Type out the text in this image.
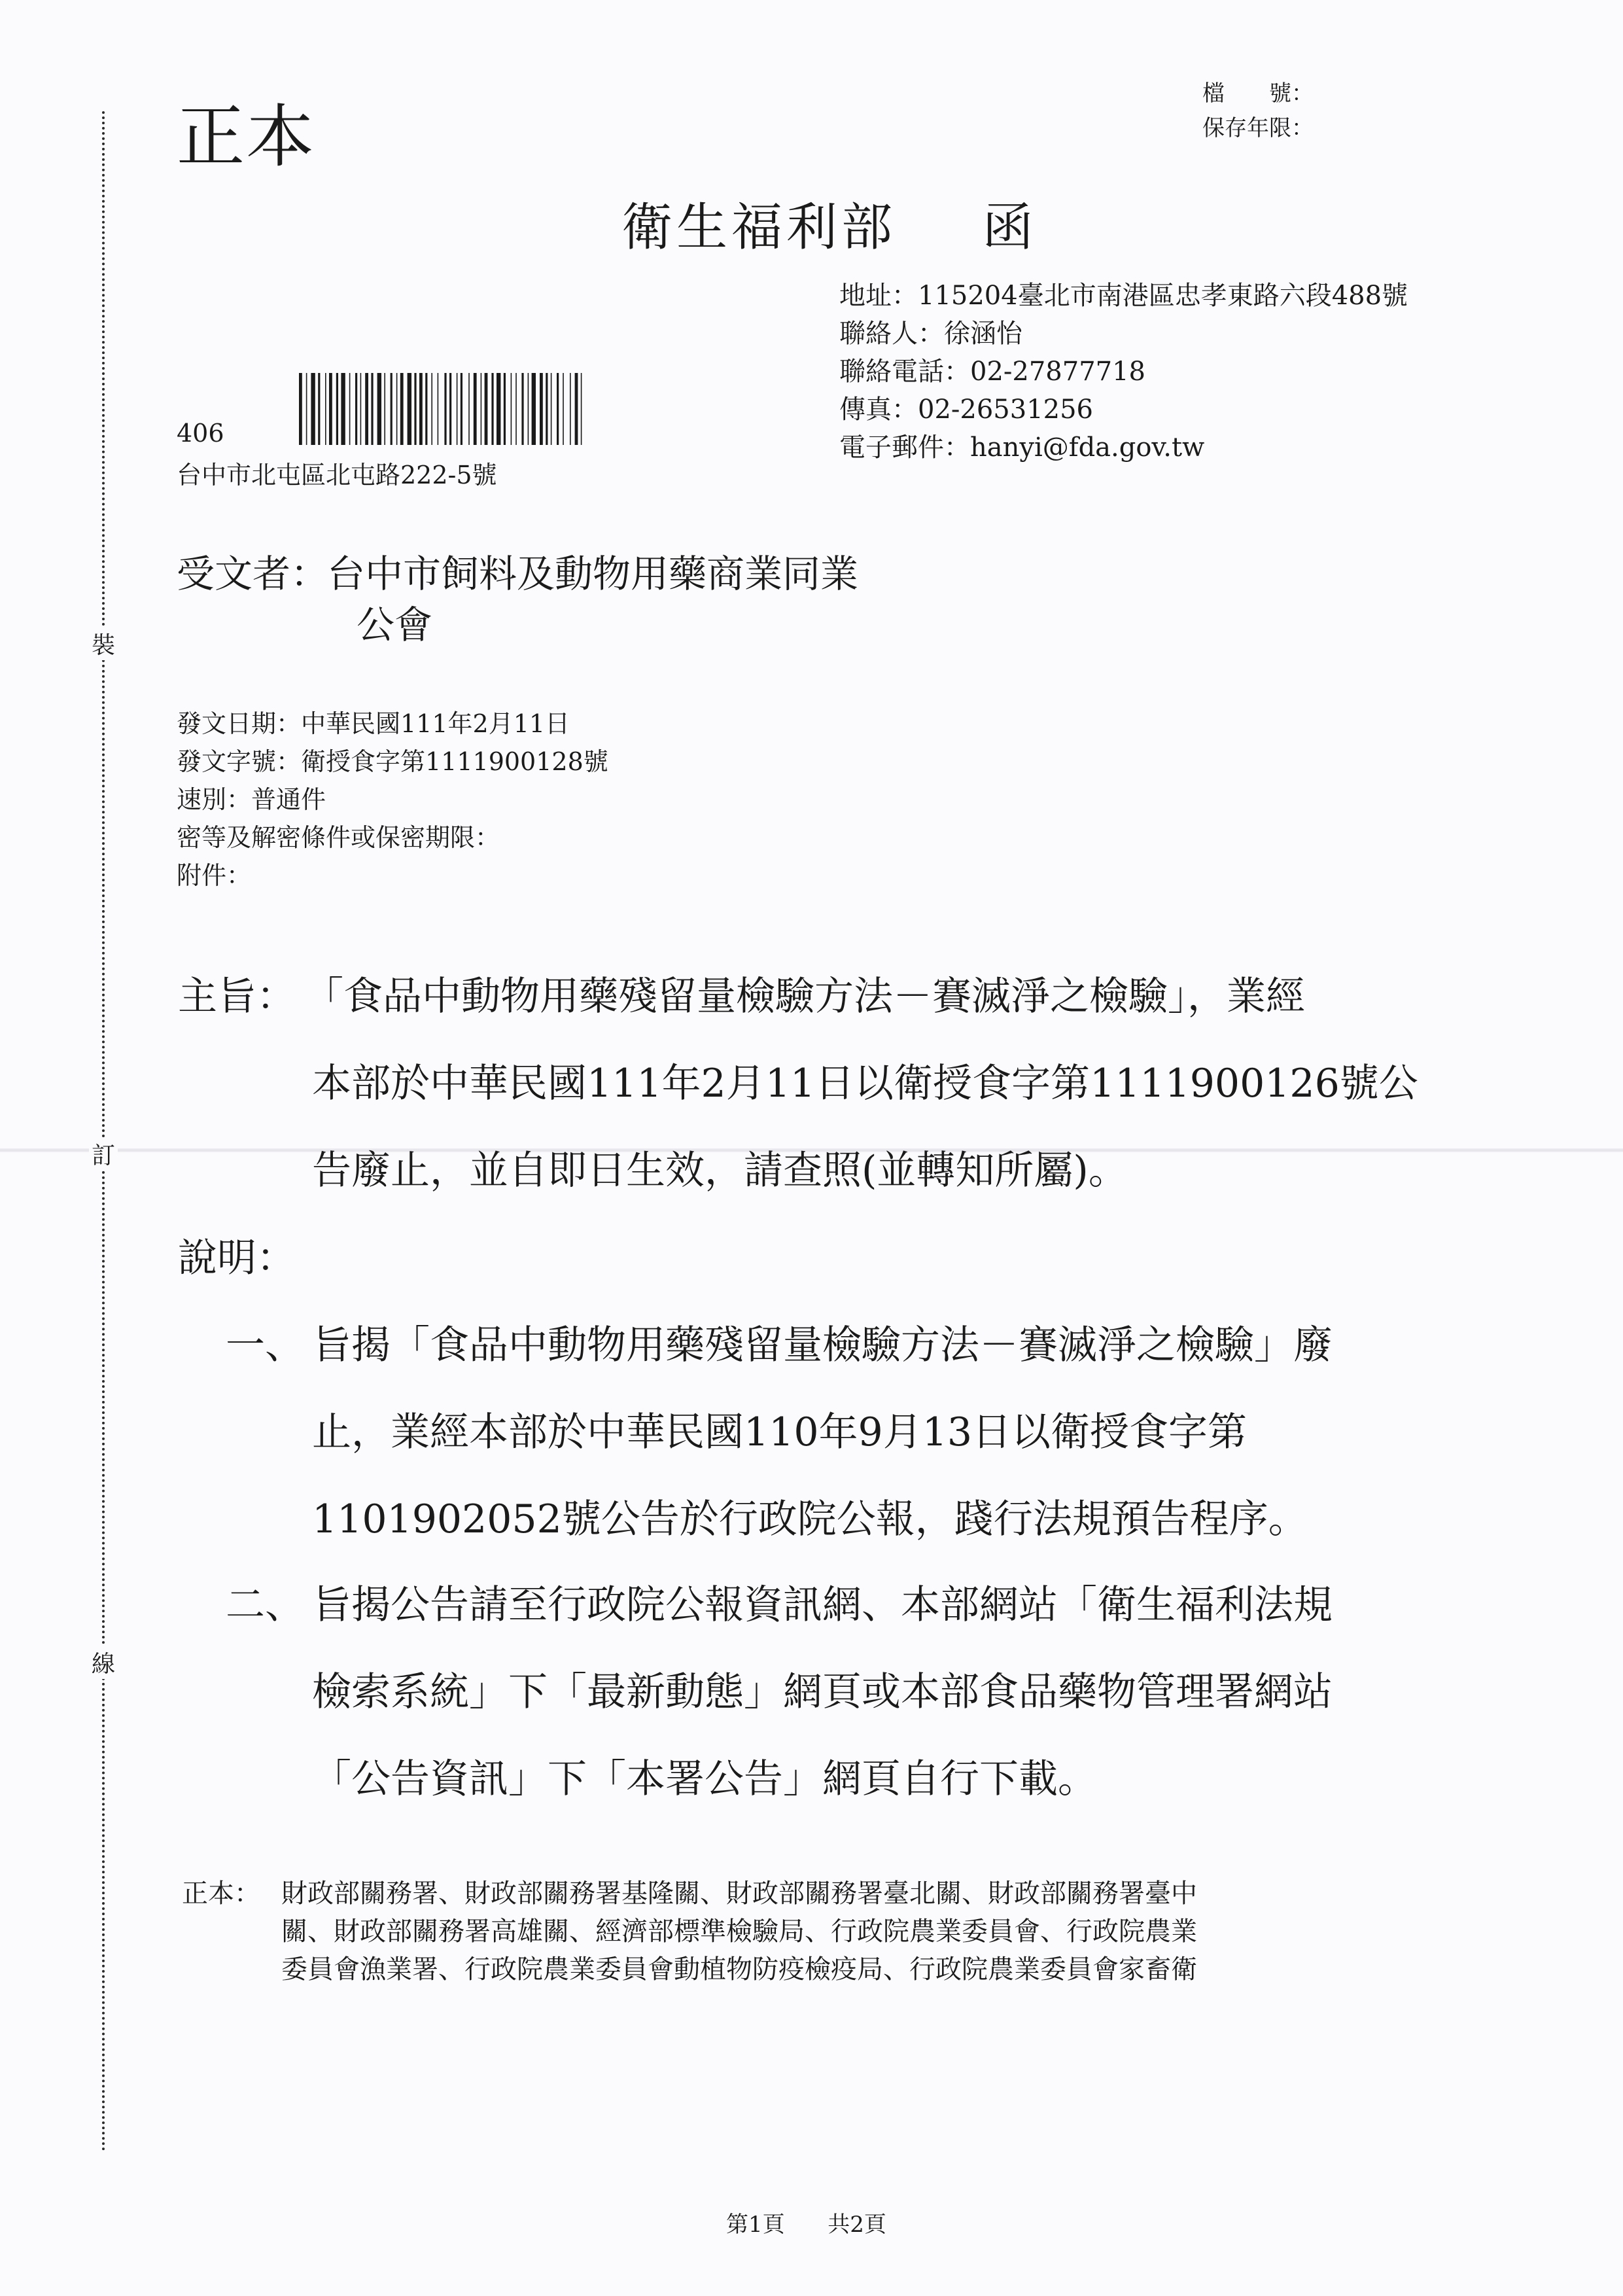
裝
訂
線
正本
檔　　號：
保存年限：
衛生福利部 函
地址：115204臺北市南港區忠孝東路六段488號
聯絡人：徐涵怡
聯絡電話：02-27877718
傳真：02-26531256
電子郵件：hanyi@fda.gov.tw
406
台中市北屯區北屯路222-5號
受文者：
台中市飼料及動物用藥商業同業
公會
發文日期：中華民國111年2月11日
發文字號：衛授食字第1111900128號
速別：普通件
密等及解密條件或保密期限：
附件：
主旨： 「食品中動物用藥殘留量檢驗方法－賽滅淨之檢驗」，業經
本部於中華民國111年2月11日以衛授食字第1111900126號公
告廢止，並自即日生效，請查照(並轉知所屬)。
說明：
一、 旨揭「食品中動物用藥殘留量檢驗方法－賽滅淨之檢驗」廢
止，業經本部於中華民國110年9月13日以衛授食字第
1101902052號公告於行政院公報，踐行法規預告程序。
二、 旨揭公告請至行政院公報資訊網、本部網站「衛生福利法規
檢索系統」下「最新動態」網頁或本部食品藥物管理署網站
「公告資訊」下「本署公告」網頁自行下載。
正本： 財政部關務署、財政部關務署基隆關、財政部關務署臺北關、財政部關務署臺中
關、財政部關務署高雄關、經濟部標準檢驗局、行政院農業委員會、行政院農業
委員會漁業署、行政院農業委員會動植物防疫檢疫局、行政院農業委員會家畜衛
第1頁 共2頁
